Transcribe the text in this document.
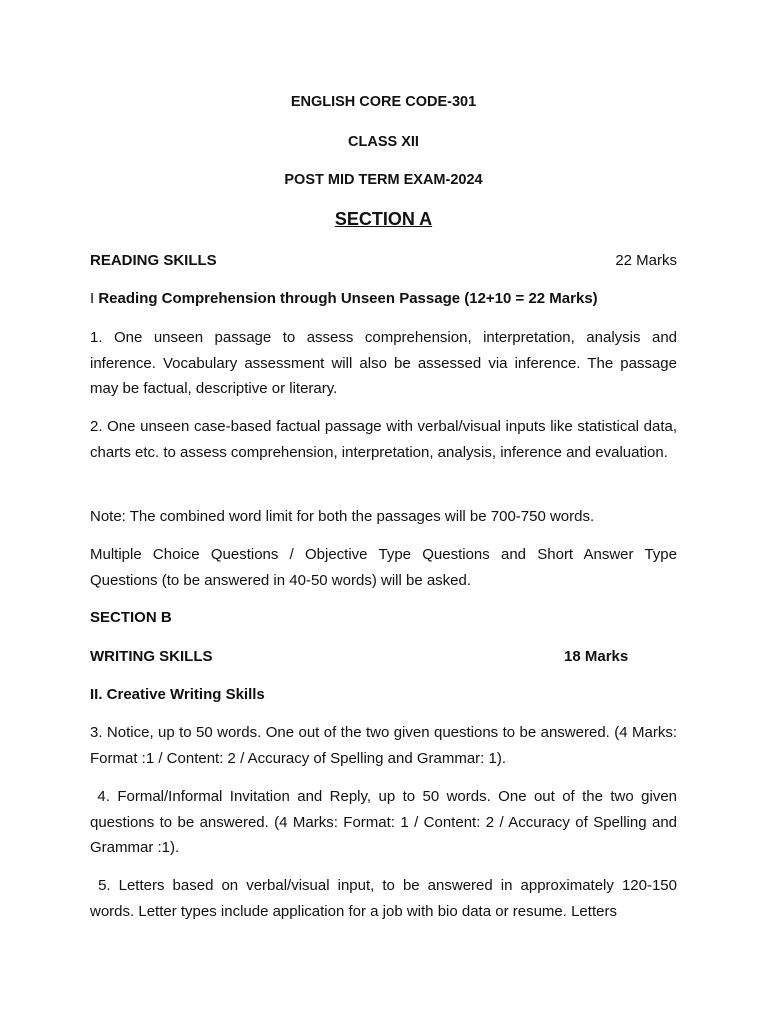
ENGLISH CORE CODE-301
CLASS XII
POST MID TERM EXAM-2024
SECTION A
READING SKILLS	22 Marks
I Reading Comprehension through Unseen Passage (12+10 = 22 Marks)
1. One unseen passage to assess comprehension, interpretation, analysis and inference. Vocabulary assessment will also be assessed via inference. The passage may be factual, descriptive or literary.
2. One unseen case-based factual passage with verbal/visual inputs like statistical data, charts etc. to assess comprehension, interpretation, analysis, inference and evaluation.
Note: The combined word limit for both the passages will be 700-750 words.
Multiple Choice Questions / Objective Type Questions and Short Answer Type Questions (to be answered in 40-50 words) will be asked.
SECTION B
WRITING SKILLS	18 Marks
II. Creative Writing Skills
3. Notice, up to 50 words. One out of the two given questions to be answered. (4 Marks: Format :1 / Content: 2 / Accuracy of Spelling and Grammar: 1).
4. Formal/Informal Invitation and Reply, up to 50 words. One out of the two given questions to be answered. (4 Marks: Format: 1 / Content: 2 / Accuracy of Spelling and Grammar :1).
5. Letters based on verbal/visual input, to be answered in approximately 120-150 words. Letter types include application for a job with bio data or resume. Letters
